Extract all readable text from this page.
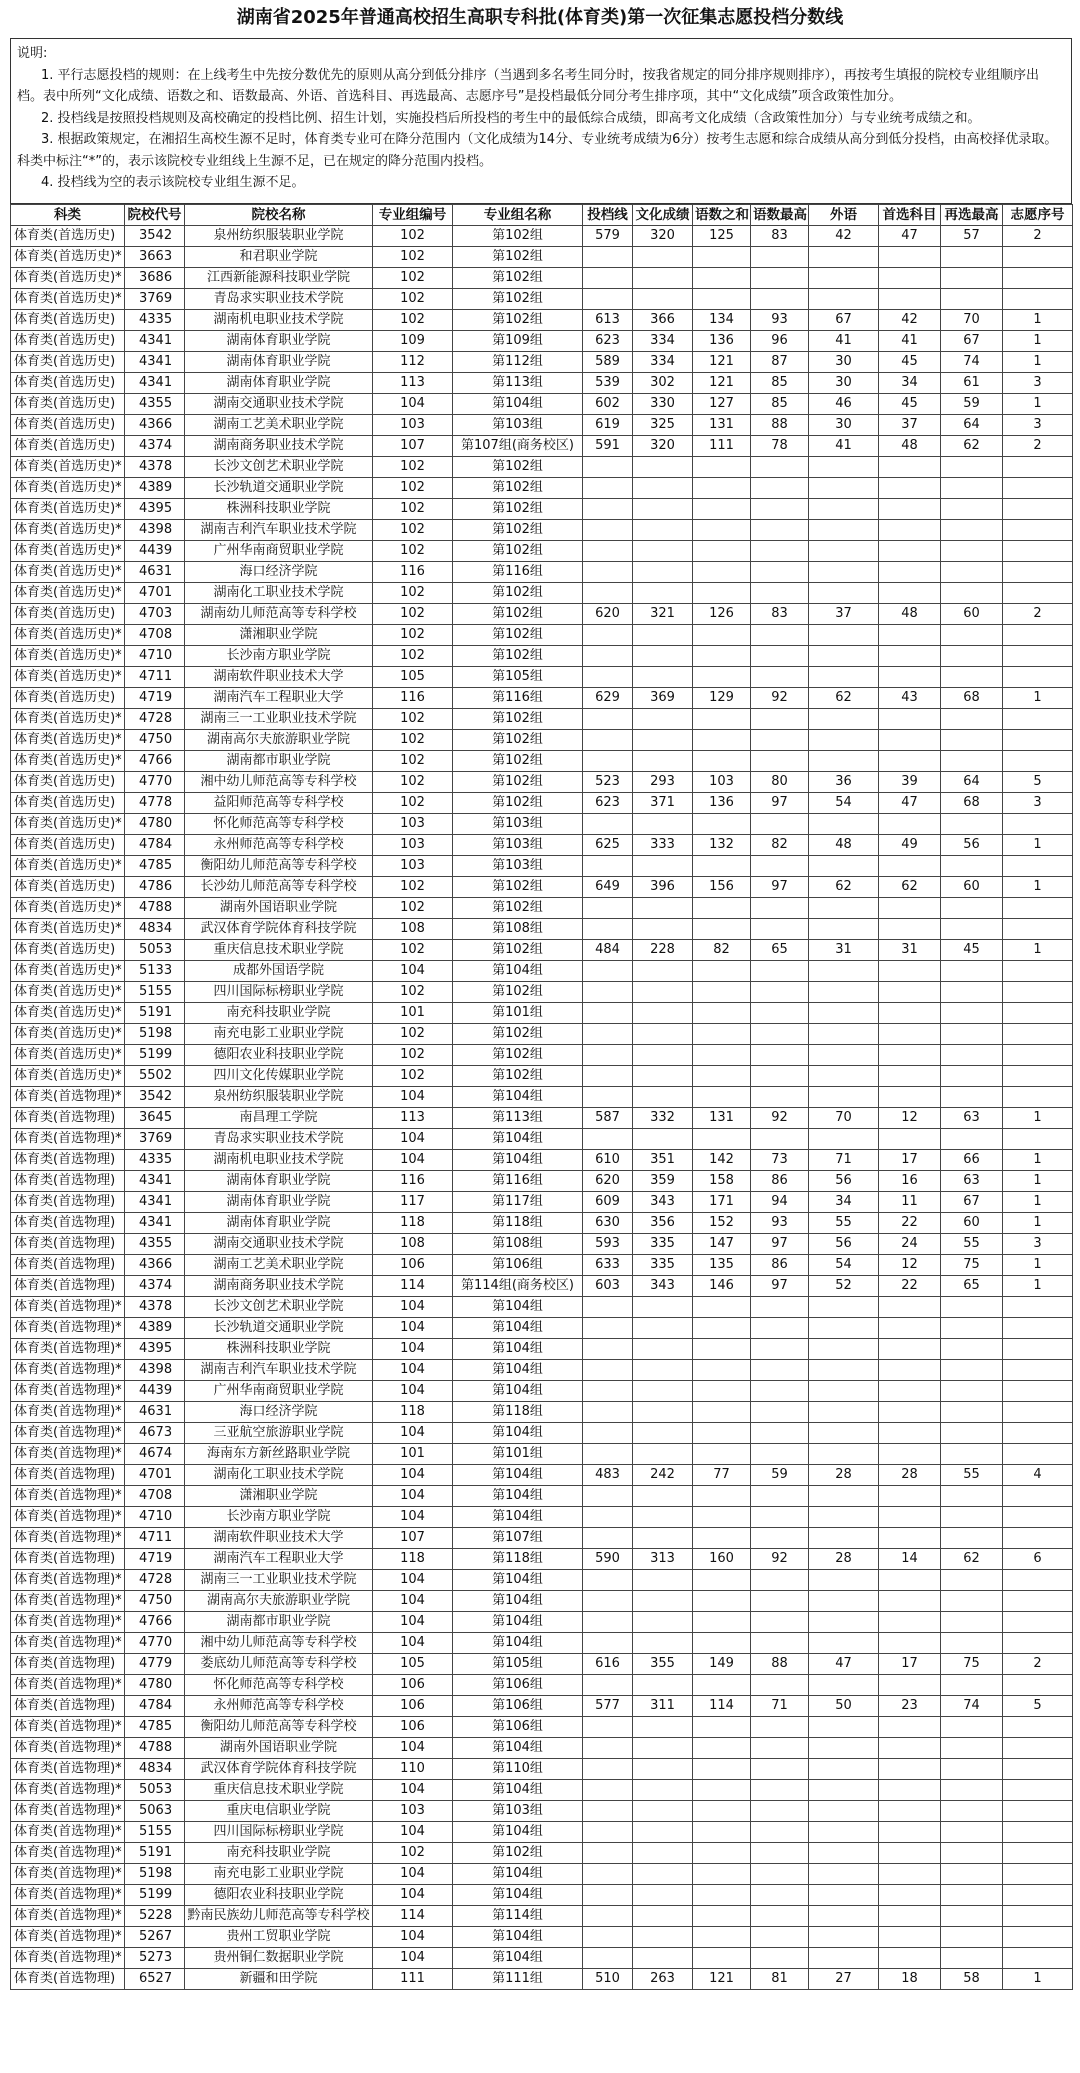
湖南省2025年普通高校招生高职专科批(体育类)第一次征集志愿投档分数线

说明:

1. 平行志愿投档的规则：在上线考生中先按分数优先的原则从高分到低分排序（当遇到多名考生同分时，按我省规定的同分排序规则排序），再按考生填报的院校专业组顺序出档。表中所列“文化成绩、语数之和、语数最高、外语、首选科目、再选最高、志愿序号”是投档最低分同分考生排序项，其中“文化成绩”项含政策性加分。

2. 投档线是按照投档规则及高校确定的投档比例、招生计划，实施投档后所投档的考生中的最低综合成绩，即高考文化成绩（含政策性加分）与专业统考成绩之和。

3. 根据政策规定，在湘招生高校生源不足时，体育类专业可在降分范围内（文化成绩为14分、专业统考成绩为6分）按考生志愿和综合成绩从高分到低分投档，由高校择优录取。科类中标注“*”的，表示该院校专业组线上生源不足，已在规定的降分范围内投档。

4. 投档线为空的表示该院校专业组生源不足。

科类	院校代号	院校名称	专业组编号	专业组名称	投档线	文化成绩	语数之和	语数最高	外语	首选科目	再选最高	志愿序号
体育类(首选历史)	3542	泉州纺织服装职业学院	102	第102组	579	320	125	83	42	47	57	2
体育类(首选历史)*	3663	和君职业学院	102	第102组								
体育类(首选历史)*	3686	江西新能源科技职业学院	102	第102组								
体育类(首选历史)*	3769	青岛求实职业技术学院	102	第102组								
体育类(首选历史)	4335	湖南机电职业技术学院	102	第102组	613	366	134	93	67	42	70	1
体育类(首选历史)	4341	湖南体育职业学院	109	第109组	623	334	136	96	41	41	67	1
体育类(首选历史)	4341	湖南体育职业学院	112	第112组	589	334	121	87	30	45	74	1
体育类(首选历史)	4341	湖南体育职业学院	113	第113组	539	302	121	85	30	34	61	3
体育类(首选历史)	4355	湖南交通职业技术学院	104	第104组	602	330	127	85	46	45	59	1
体育类(首选历史)	4366	湖南工艺美术职业学院	103	第103组	619	325	131	88	30	37	64	3
体育类(首选历史)	4374	湖南商务职业技术学院	107	第107组(商务校区)	591	320	111	78	41	48	62	2
体育类(首选历史)*	4378	长沙文创艺术职业学院	102	第102组								
体育类(首选历史)*	4389	长沙轨道交通职业学院	102	第102组								
体育类(首选历史)*	4395	株洲科技职业学院	102	第102组								
体育类(首选历史)*	4398	湖南吉利汽车职业技术学院	102	第102组								
体育类(首选历史)*	4439	广州华南商贸职业学院	102	第102组								
体育类(首选历史)*	4631	海口经济学院	116	第116组								
体育类(首选历史)*	4701	湖南化工职业技术学院	102	第102组								
体育类(首选历史)	4703	湖南幼儿师范高等专科学校	102	第102组	620	321	126	83	37	48	60	2
体育类(首选历史)*	4708	潇湘职业学院	102	第102组								
体育类(首选历史)*	4710	长沙南方职业学院	102	第102组								
体育类(首选历史)*	4711	湖南软件职业技术大学	105	第105组								
体育类(首选历史)	4719	湖南汽车工程职业大学	116	第116组	629	369	129	92	62	43	68	1
体育类(首选历史)*	4728	湖南三一工业职业技术学院	102	第102组								
体育类(首选历史)*	4750	湖南高尔夫旅游职业学院	102	第102组								
体育类(首选历史)*	4766	湖南都市职业学院	102	第102组								
体育类(首选历史)	4770	湘中幼儿师范高等专科学校	102	第102组	523	293	103	80	36	39	64	5
体育类(首选历史)	4778	益阳师范高等专科学校	102	第102组	623	371	136	97	54	47	68	3
体育类(首选历史)*	4780	怀化师范高等专科学校	103	第103组								
体育类(首选历史)	4784	永州师范高等专科学校	103	第103组	625	333	132	82	48	49	56	1
体育类(首选历史)*	4785	衡阳幼儿师范高等专科学校	103	第103组								
体育类(首选历史)	4786	长沙幼儿师范高等专科学校	102	第102组	649	396	156	97	62	62	60	1
体育类(首选历史)*	4788	湖南外国语职业学院	102	第102组								
体育类(首选历史)*	4834	武汉体育学院体育科技学院	108	第108组								
体育类(首选历史)	5053	重庆信息技术职业学院	102	第102组	484	228	82	65	31	31	45	1
体育类(首选历史)*	5133	成都外国语学院	104	第104组								
体育类(首选历史)*	5155	四川国际标榜职业学院	102	第102组								
体育类(首选历史)*	5191	南充科技职业学院	101	第101组								
体育类(首选历史)*	5198	南充电影工业职业学院	102	第102组								
体育类(首选历史)*	5199	德阳农业科技职业学院	102	第102组								
体育类(首选历史)*	5502	四川文化传媒职业学院	102	第102组								
体育类(首选物理)*	3542	泉州纺织服装职业学院	104	第104组								
体育类(首选物理)	3645	南昌理工学院	113	第113组	587	332	131	92	70	12	63	1
体育类(首选物理)*	3769	青岛求实职业技术学院	104	第104组								
体育类(首选物理)	4335	湖南机电职业技术学院	104	第104组	610	351	142	73	71	17	66	1
体育类(首选物理)	4341	湖南体育职业学院	116	第116组	620	359	158	86	56	16	63	1
体育类(首选物理)	4341	湖南体育职业学院	117	第117组	609	343	171	94	34	11	67	1
体育类(首选物理)	4341	湖南体育职业学院	118	第118组	630	356	152	93	55	22	60	1
体育类(首选物理)	4355	湖南交通职业技术学院	108	第108组	593	335	147	97	56	24	55	3
体育类(首选物理)	4366	湖南工艺美术职业学院	106	第106组	633	335	135	86	54	12	75	1
体育类(首选物理)	4374	湖南商务职业技术学院	114	第114组(商务校区)	603	343	146	97	52	22	65	1
体育类(首选物理)*	4378	长沙文创艺术职业学院	104	第104组								
体育类(首选物理)*	4389	长沙轨道交通职业学院	104	第104组								
体育类(首选物理)*	4395	株洲科技职业学院	104	第104组								
体育类(首选物理)*	4398	湖南吉利汽车职业技术学院	104	第104组								
体育类(首选物理)*	4439	广州华南商贸职业学院	104	第104组								
体育类(首选物理)*	4631	海口经济学院	118	第118组								
体育类(首选物理)*	4673	三亚航空旅游职业学院	104	第104组								
体育类(首选物理)*	4674	海南东方新丝路职业学院	101	第101组								
体育类(首选物理)	4701	湖南化工职业技术学院	104	第104组	483	242	77	59	28	28	55	4
体育类(首选物理)*	4708	潇湘职业学院	104	第104组								
体育类(首选物理)*	4710	长沙南方职业学院	104	第104组								
体育类(首选物理)*	4711	湖南软件职业技术大学	107	第107组								
体育类(首选物理)	4719	湖南汽车工程职业大学	118	第118组	590	313	160	92	28	14	62	6
体育类(首选物理)*	4728	湖南三一工业职业技术学院	104	第104组								
体育类(首选物理)*	4750	湖南高尔夫旅游职业学院	104	第104组								
体育类(首选物理)*	4766	湖南都市职业学院	104	第104组								
体育类(首选物理)*	4770	湘中幼儿师范高等专科学校	104	第104组								
体育类(首选物理)	4779	娄底幼儿师范高等专科学校	105	第105组	616	355	149	88	47	17	75	2
体育类(首选物理)*	4780	怀化师范高等专科学校	106	第106组								
体育类(首选物理)	4784	永州师范高等专科学校	106	第106组	577	311	114	71	50	23	74	5
体育类(首选物理)*	4785	衡阳幼儿师范高等专科学校	106	第106组								
体育类(首选物理)*	4788	湖南外国语职业学院	104	第104组								
体育类(首选物理)*	4834	武汉体育学院体育科技学院	110	第110组								
体育类(首选物理)*	5053	重庆信息技术职业学院	104	第104组								
体育类(首选物理)*	5063	重庆电信职业学院	103	第103组								
体育类(首选物理)*	5155	四川国际标榜职业学院	104	第104组								
体育类(首选物理)*	5191	南充科技职业学院	102	第102组								
体育类(首选物理)*	5198	南充电影工业职业学院	104	第104组								
体育类(首选物理)*	5199	德阳农业科技职业学院	104	第104组								
体育类(首选物理)*	5228	黔南民族幼儿师范高等专科学校	114	第114组								
体育类(首选物理)*	5267	贵州工贸职业学院	104	第104组								
体育类(首选物理)*	5273	贵州铜仁数据职业学院	104	第104组								
体育类(首选物理)	6527	新疆和田学院	111	第111组	510	263	121	81	27	18	58	1
